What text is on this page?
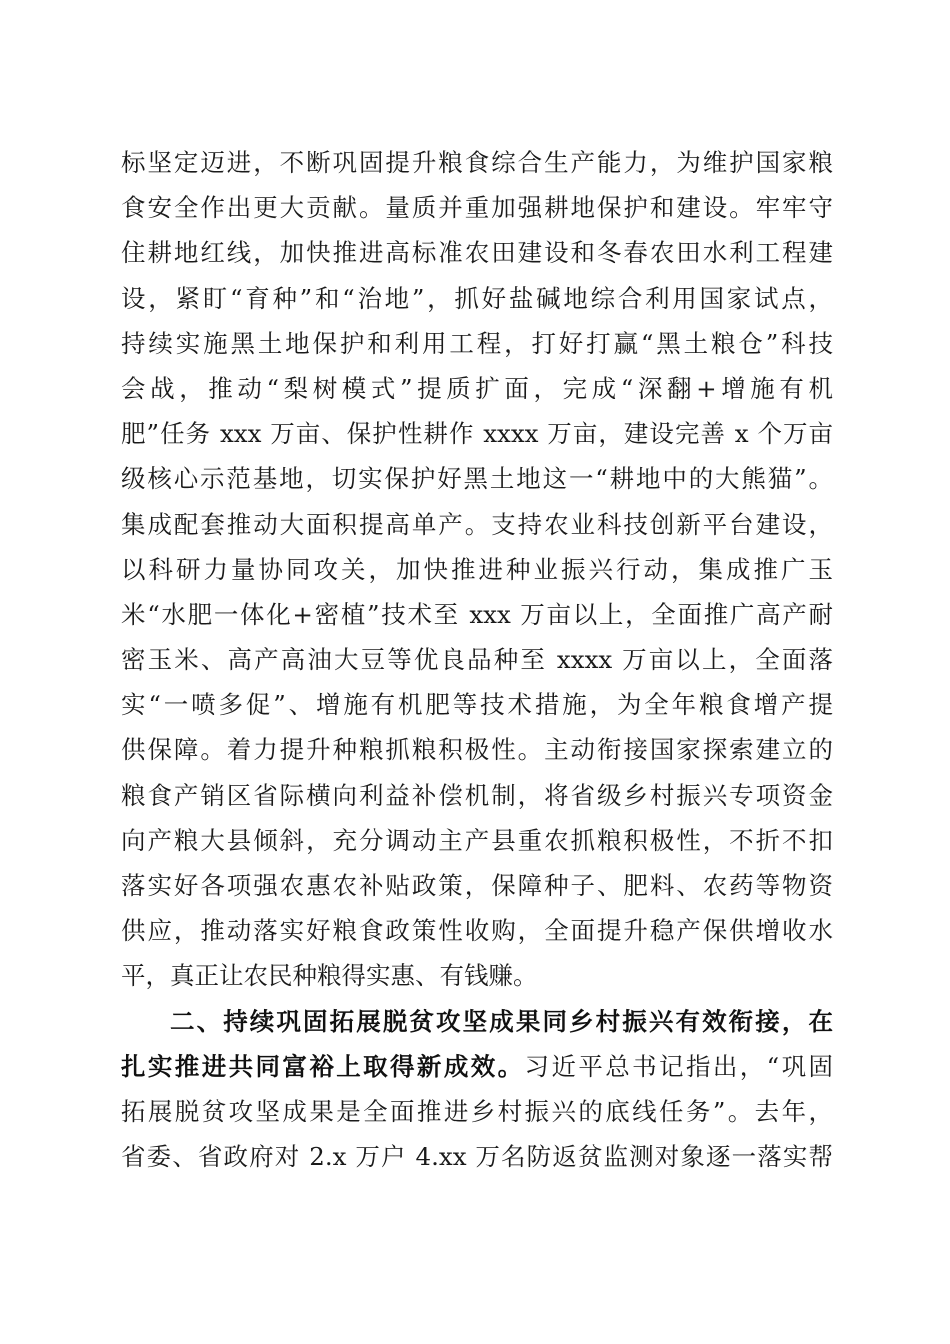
标坚定迈进，不断巩固提升粮食综合生产能力，为维护国家粮
食安全作出更大贡献。量质并重加强耕地保护和建设。牢牢守
住耕地红线，加快推进高标准农田建设和冬春农田水利工程建
设，紧盯“育种”和“治地”，抓好盐碱地综合利用国家试点，
持续实施黑土地保护和利用工程，打好打赢“黑土粮仓”科技
会战，推动“梨树模式”提质扩面，完成“深翻+增施有机
肥”任务 xxx 万亩、保护性耕作 xxxx 万亩，建设完善 x 个万亩
级核心示范基地，切实保护好黑土地这一“耕地中的大熊猫”。
集成配套推动大面积提高单产。支持农业科技创新平台建设，
以科研力量协同攻关，加快推进种业振兴行动，集成推广玉
米“水肥一体化+密植”技术至 xxx 万亩以上，全面推广高产耐
密玉米、高产高油大豆等优良品种至 xxxx 万亩以上，全面落
实“一喷多促”、增施有机肥等技术措施，为全年粮食增产提
供保障。着力提升种粮抓粮积极性。主动衔接国家探索建立的
粮食产销区省际横向利益补偿机制，将省级乡村振兴专项资金
向产粮大县倾斜，充分调动主产县重农抓粮积极性，不折不扣
落实好各项强农惠农补贴政策，保障种子、肥料、农药等物资
供应，推动落实好粮食政策性收购，全面提升稳产保供增收水
平，真正让农民种粮得实惠、有钱赚。
二、持续巩固拓展脱贫攻坚成果同乡村振兴有效衔接，在
扎实推进共同富裕上取得新成效。习近平总书记指出，“巩固
拓展脱贫攻坚成果是全面推进乡村振兴的底线任务”。去年，
省委、省政府对 2.x 万户 4.xx 万名防返贫监测对象逐一落实帮
